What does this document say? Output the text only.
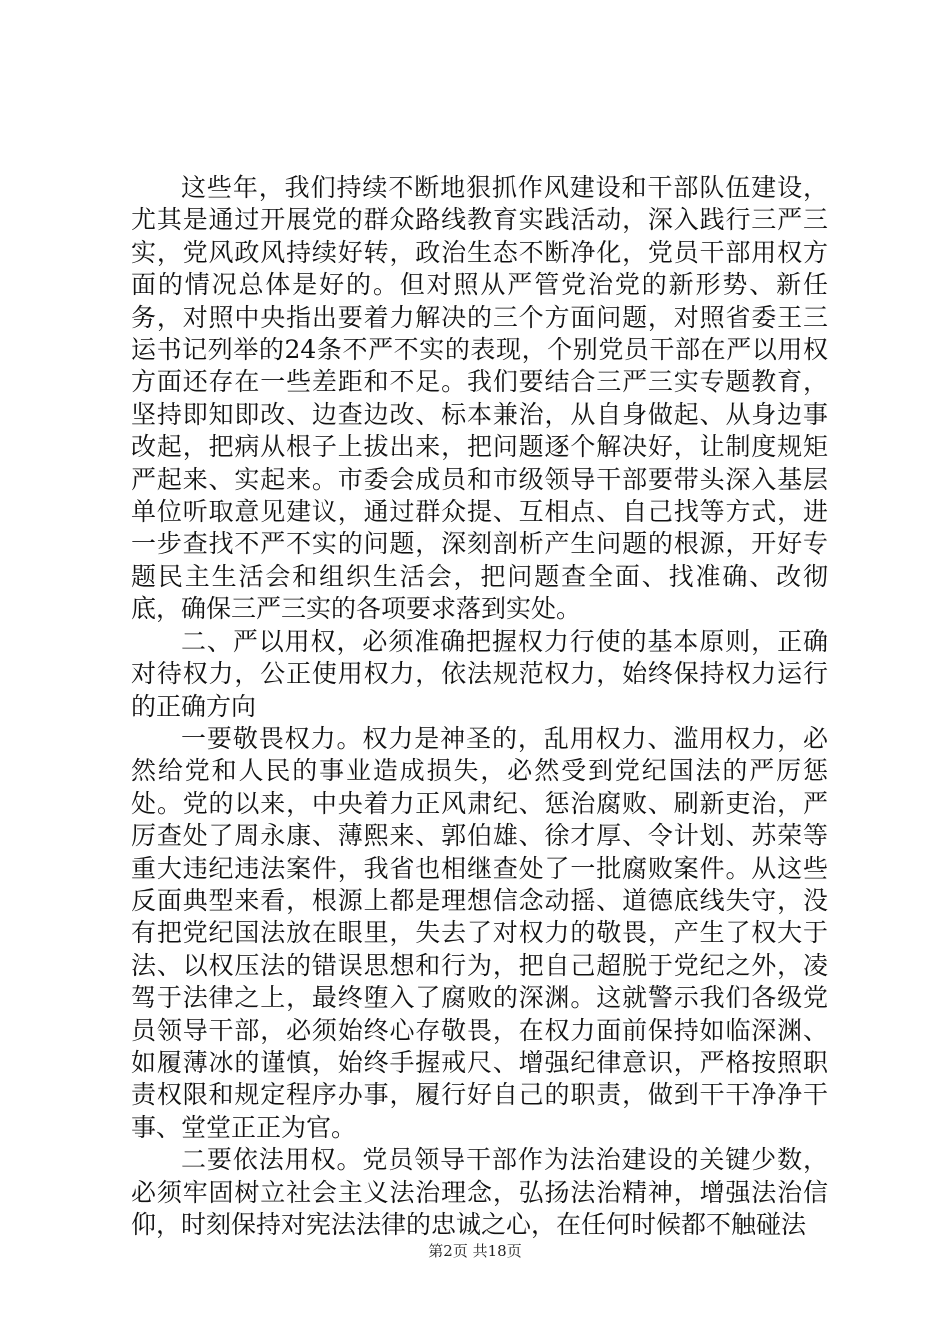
这些年，我们持续不断地狠抓作风建设和干部队伍建设，尤其是通过开展党的群众路线教育实践活动，深入践行三严三实，党风政风持续好转，政治生态不断净化，党员干部用权方面的情况总体是好的。但对照从严管党治党的新形势、新任务，对照中央指出要着力解决的三个方面问题，对照省委王三运书记列举的24条不严不实的表现，个别党员干部在严以用权方面还存在一些差距和不足。我们要结合三严三实专题教育，坚持即知即改、边查边改、标本兼治，从自身做起、从身边事改起，把病从根子上拔出来，把问题逐个解决好，让制度规矩严起来、实起来。市委会成员和市级领导干部要带头深入基层单位听取意见建议，通过群众提、互相点、自己找等方式，进一步查找不严不实的问题，深刻剖析产生问题的根源，开好专题民主生活会和组织生活会，把问题查全面、找准确、改彻底，确保三严三实的各项要求落到实处。

二、严以用权，必须准确把握权力行使的基本原则，正确对待权力，公正使用权力，依法规范权力，始终保持权力运行的正确方向

一要敬畏权力。权力是神圣的，乱用权力、滥用权力，必然给党和人民的事业造成损失，必然受到党纪国法的严厉惩处。党的以来，中央着力正风肃纪、惩治腐败、刷新吏治，严厉查处了周永康、薄熙来、郭伯雄、徐才厚、令计划、苏荣等重大违纪违法案件，我省也相继查处了一批腐败案件。从这些反面典型来看，根源上都是理想信念动摇、道德底线失守，没有把党纪国法放在眼里，失去了对权力的敬畏，产生了权大于法、以权压法的错误思想和行为，把自己超脱于党纪之外，凌驾于法律之上，最终堕入了腐败的深渊。这就警示我们各级党员领导干部，必须始终心存敬畏，在权力面前保持如临深渊、如履薄冰的谨慎，始终手握戒尺、增强纪律意识，严格按照职责权限和规定程序办事，履行好自己的职责，做到干干净净干事、堂堂正正为官。

二要依法用权。党员领导干部作为法治建设的关键少数，必须牢固树立社会主义法治理念，弘扬法治精神，增强法治信仰，时刻保持对宪法法律的忠诚之心，在任何时候都不触碰法

第2页 共18页
